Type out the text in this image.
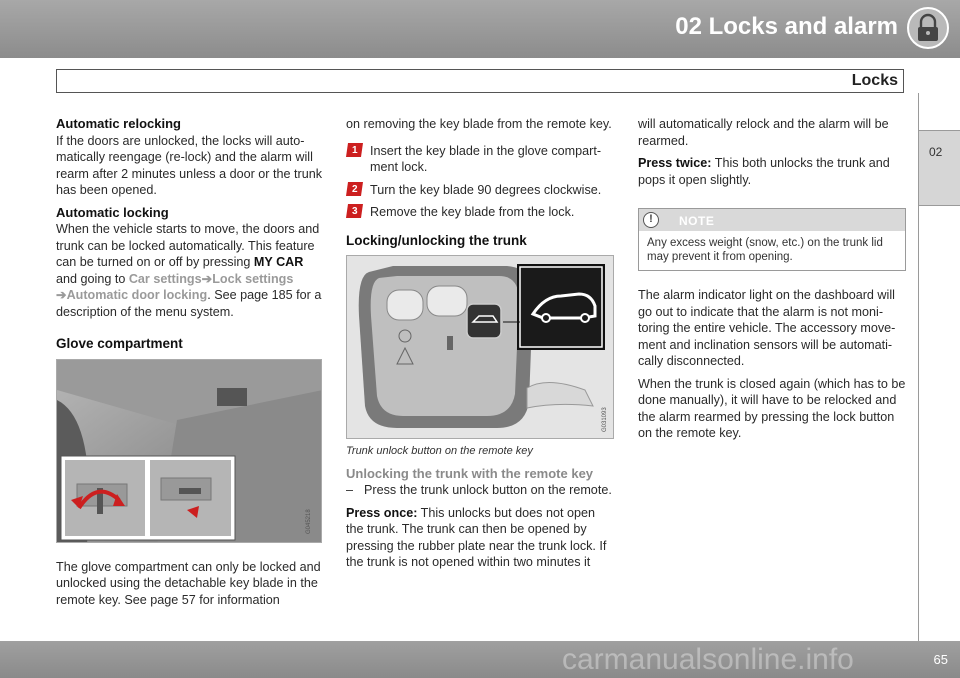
02 Locks and alarm
Locks
02
Automatic relocking

If the doors are unlocked, the locks will auto-matically reengage (re-lock) and the alarm will rearm after 2 minutes unless a door or the trunk has been opened.

Automatic locking

When the vehicle starts to move, the doors and trunk can be locked automatically. This feature can be turned on or off by pressing MY CAR and going to Car settings➔Lock settings
➔Automatic door locking. See page 185 for a description of the menu system.

Glove compartment
G045218

The glove compartment can only be locked and unlocked using the detachable key blade in the remote key. See page 57 for information

on removing the key blade from the remote key.

1 Insert the key blade in the glove compart-ment lock.
2 Turn the key blade 90 degrees clockwise.
3 Remove the key blade from the lock.
Locking/unlocking the trunk
G031093
Trunk unlock button on the remote key
Unlocking the trunk with the remote key
– Press the trunk unlock button on the remote.

Press once: This unlocks but does not open the trunk. The trunk can then be opened by pressing the rubber plate near the trunk lock. If the trunk is not opened within two minutes it

will automatically relock and the alarm will be rearmed.

Press twice: This both unlocks the trunk and pops it open slightly.

!	NOTE
Any excess weight (snow, etc.) on the trunk lid may prevent it from opening.

The alarm indicator light on the dashboard will go out to indicate that the alarm is not moni-toring the entire vehicle. The accessory move-ment and inclination sensors will be automati-cally disconnected.

When the trunk is closed again (which has to be done manually), it will have to be relocked and the alarm rearmed by pressing the lock button on the remote key.

carmanualsonline.info	65
